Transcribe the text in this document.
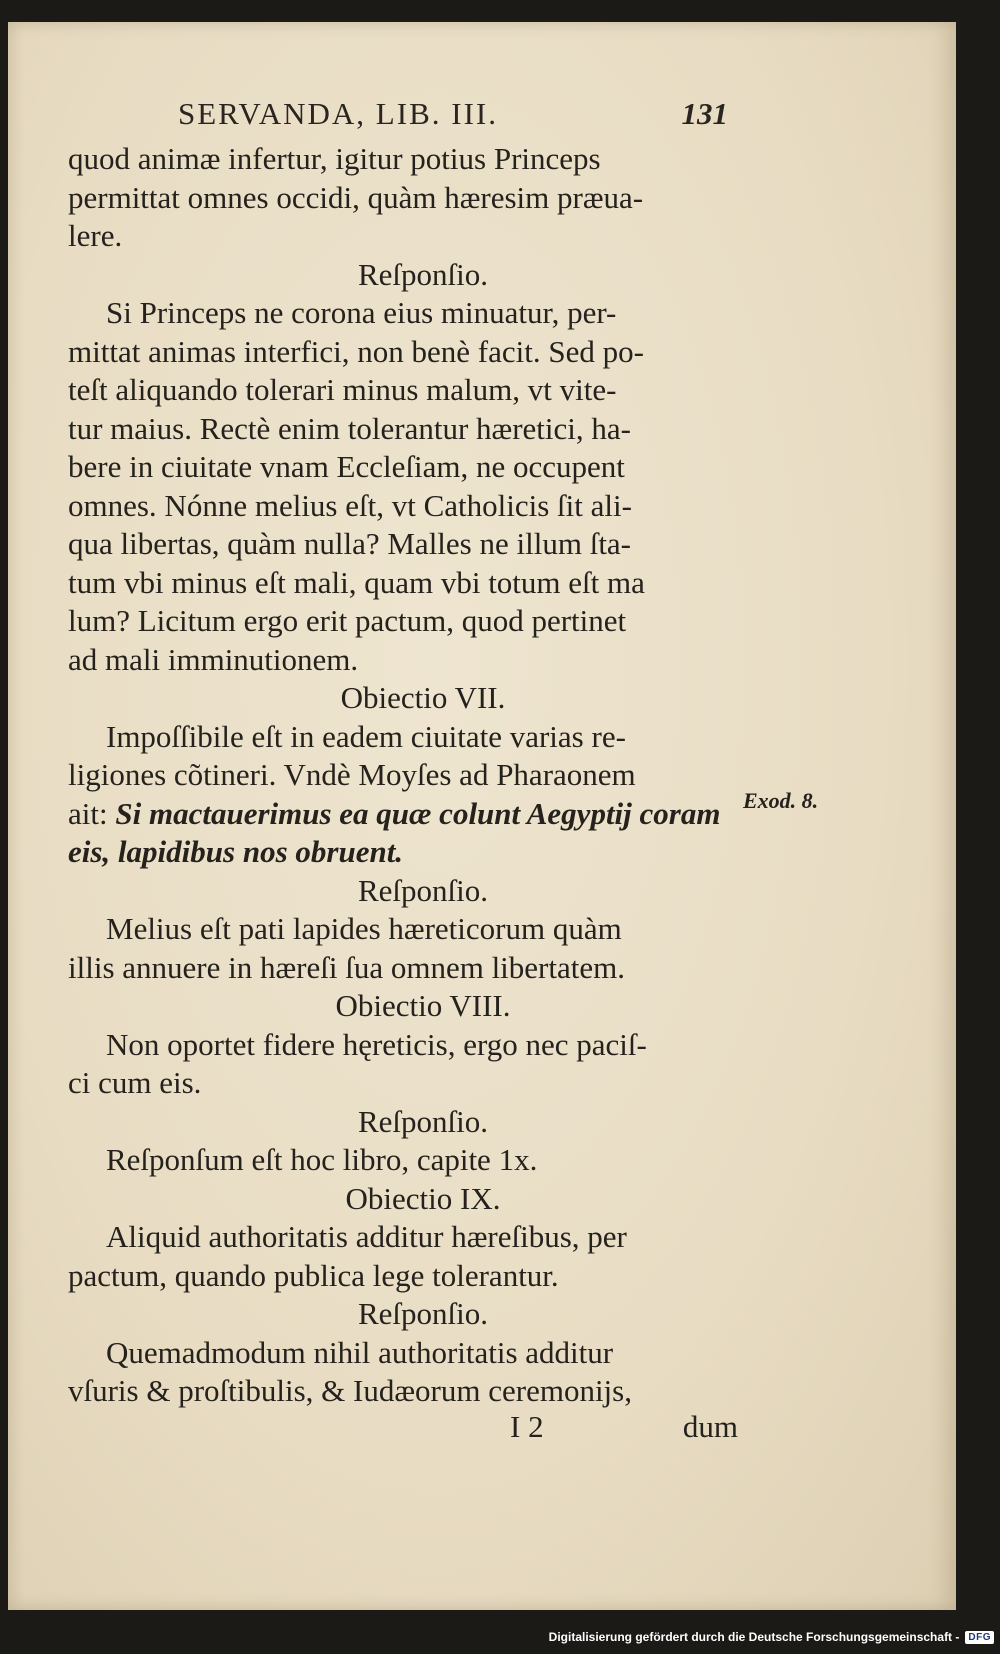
SERVANDA, LIB. III.	131
quod animæ infertur, igitur potius Princeps
permittat omnes occidi, quàm hæresim præua-
lere.
Reſponſio.
Si Princeps ne corona eius minuatur, per-
mittat animas interfici, non benè facit. Sed po-
teſt aliquando tolerari minus malum, vt vite-
tur maius. Rectè enim tolerantur hæretici, ha-
bere in ciuitate vnam Eccleſiam, ne occupent
omnes. Nónne melius eſt, vt Catholicis ſit ali-
qua libertas, quàm nulla? Malles ne illum ſta-
tum vbi minus eſt mali, quam vbi totum eſt ma
lum? Licitum ergo erit pactum, quod pertinet
ad mali imminutionem.
Obiectio VII.
Impoſſibile eſt in eadem ciuitate varias re-
ligiones cõtineri. Vndè Moyſes ad Pharaonem
ait: Si mactauerimus ea quæ colunt Aegyptij coram
eis, lapidibus nos obruent.
Reſponſio.
Melius eſt pati lapides hæreticorum quàm
illis annuere in hæreſi ſua omnem libertatem.
Obiectio VIII.
Non oportet fidere hęreticis, ergo nec paciſ-
ci cum eis.
Reſponſio.
Reſponſum eſt hoc libro, capite 1x.
Obiectio IX.
Aliquid authoritatis additur hæreſibus, per
pactum, quando publica lege tolerantur.
Reſponſio.
Quemadmodum nihil authoritatis additur
vſuris & proſtibulis, & Iudæorum ceremonijs,
Exod. 8.
I 2	dum
Digitalisierung gefördert durch die Deutsche Forschungsgemeinschaft - DFG
